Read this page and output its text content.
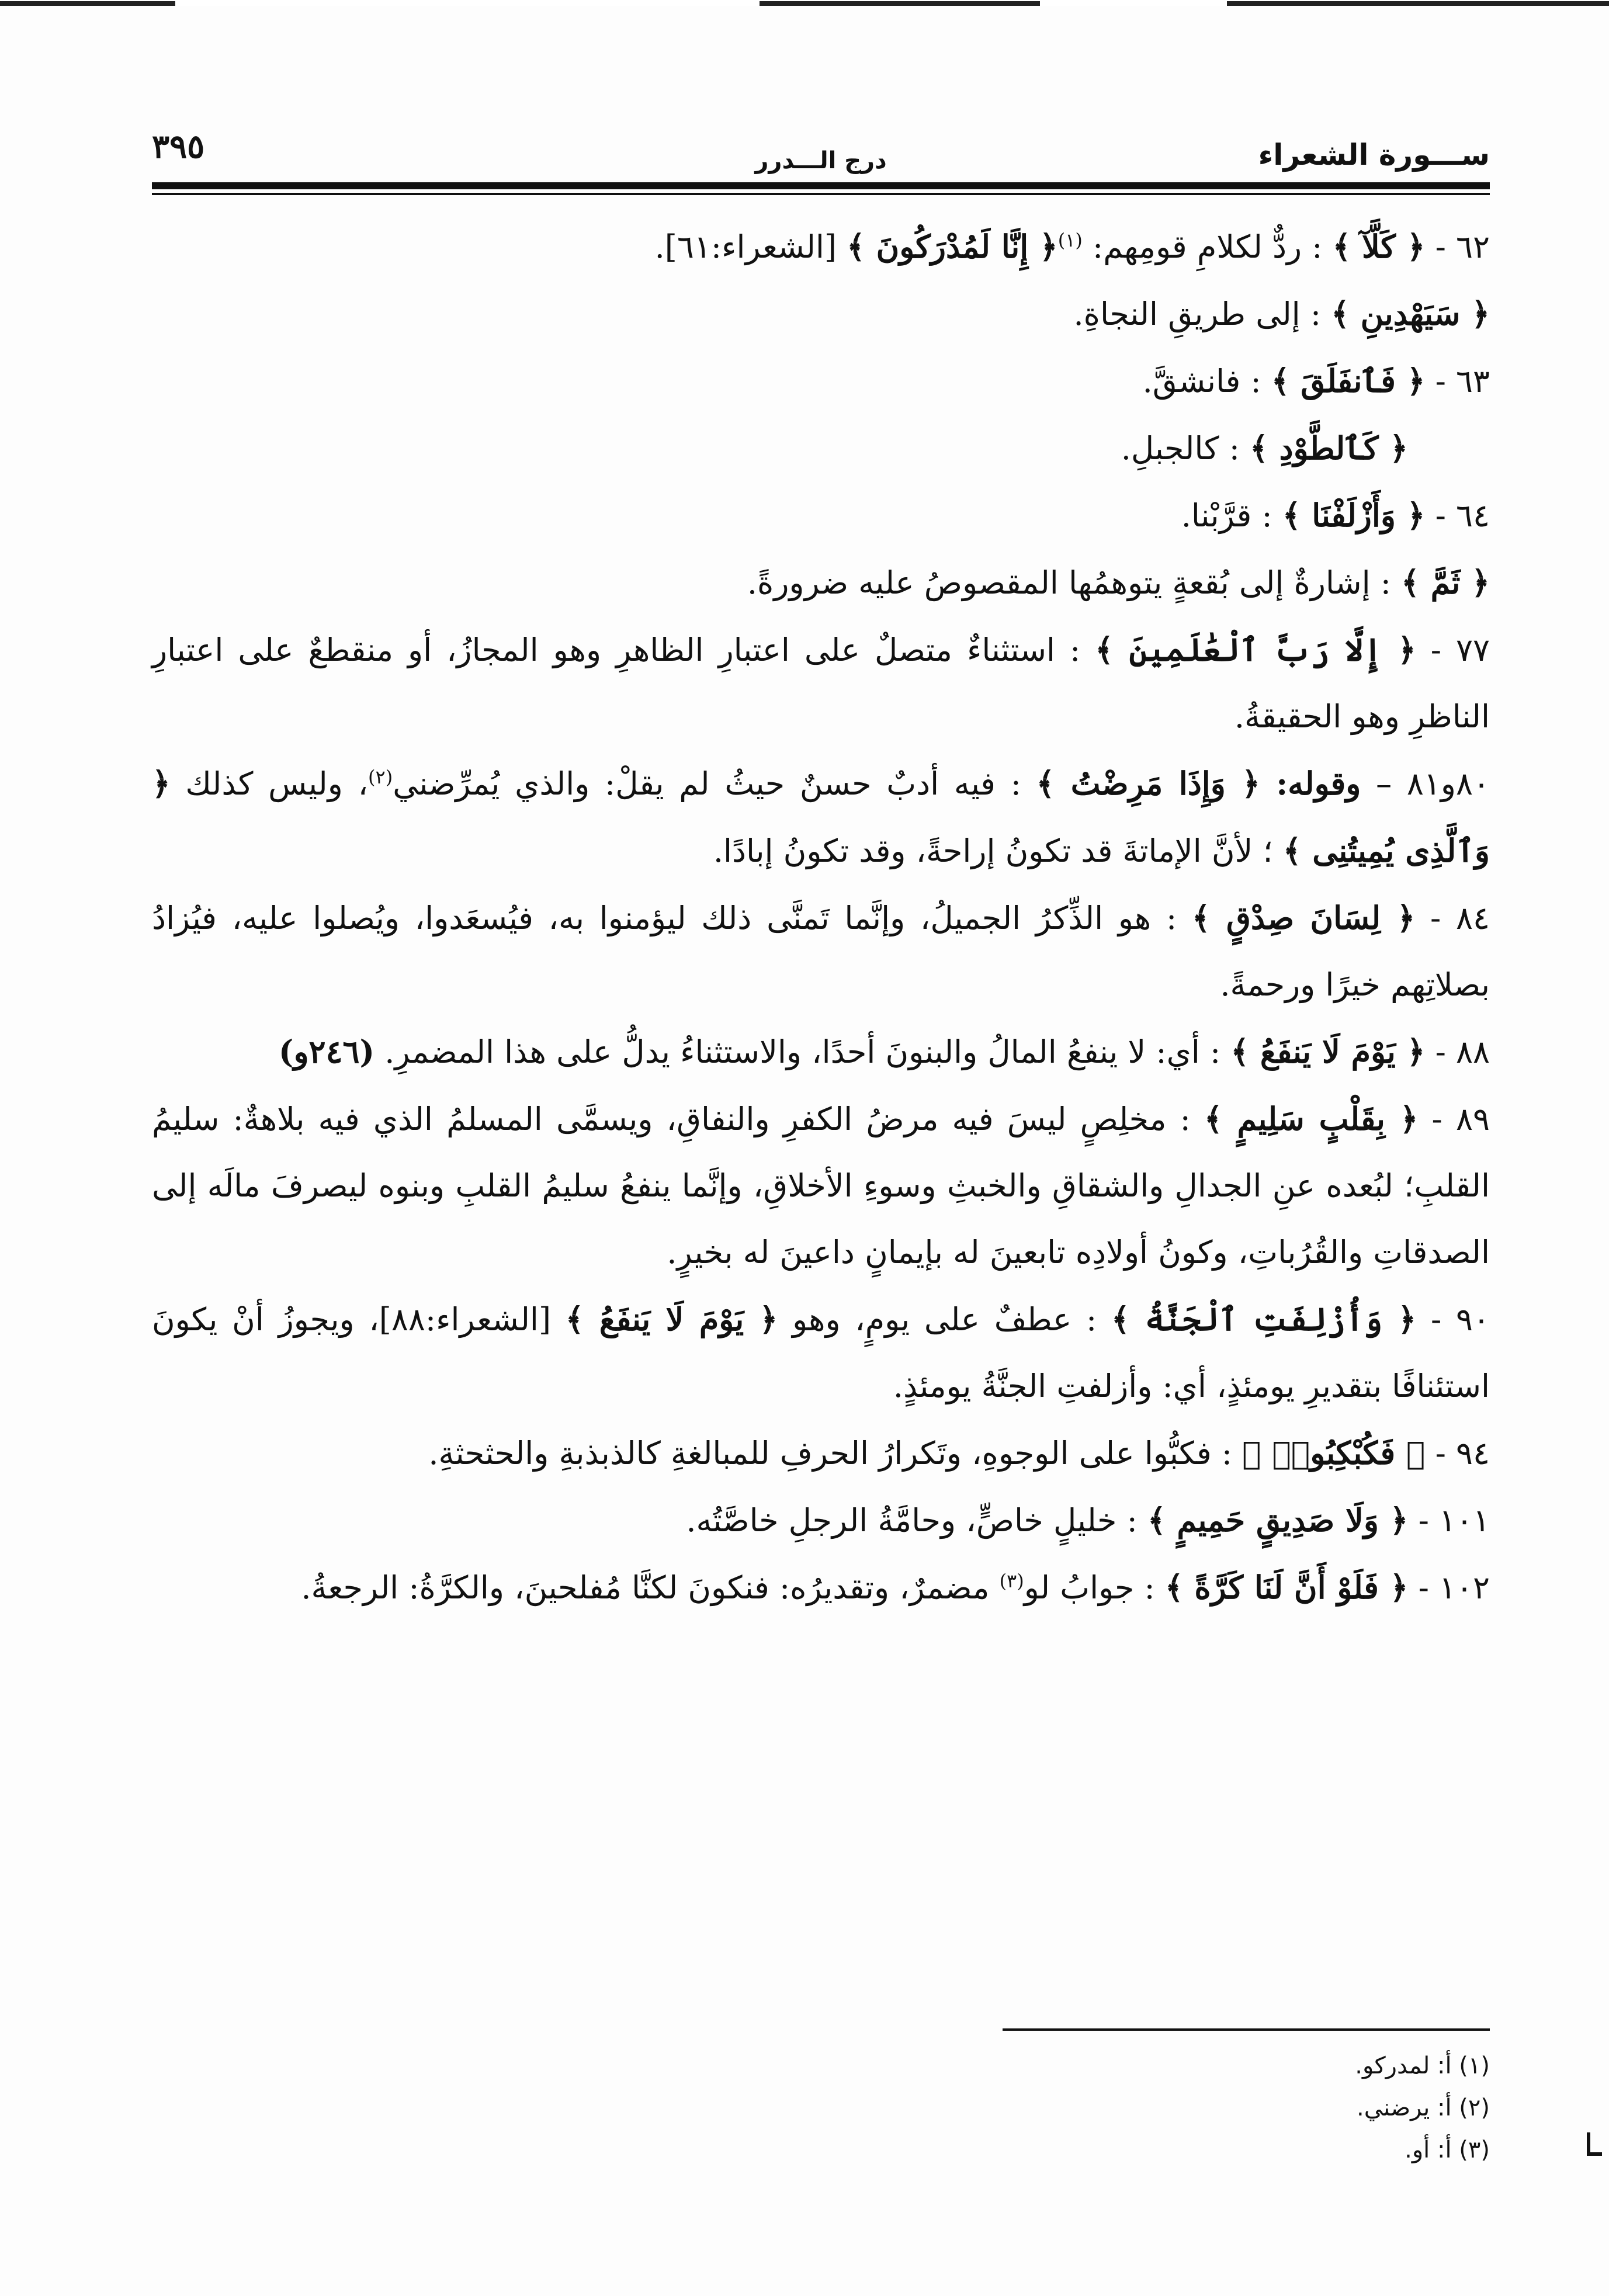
٣٩٥	درج الـــدرر	ســـورة الشعراء

٦٢ - ﴿ كَلَّآ ﴾ : ردٌّ لكلامِ قومِهم: $^{(١)}$﴿ إِنَّا لَمُدْرَكُونَ ﴾ [الشعراء:٦١].

﴿ سَيَهْدِينِ ﴾ : إلى طريقِ النجاةِ.

٦٣ - ﴿ فَٱنفَلَقَ ﴾ : فانشقَّ.

﴿ كَٱلطَّوْدِ ﴾ : كالجبلِ.

٦٤ - ﴿ وَأَزْلَفْنَا ﴾ : قرَّبْنا.

﴿ ثَمَّ ﴾ : إشارةٌ إلى بُقعةٍ يتوهمُها المقصوصُ عليه ضرورةً.

٧٧ - ﴿ إِلَّا رَبَّ ٱلْعَٰلَمِينَ ﴾ : استثناءٌ متصلٌ على اعتبارِ الظاهرِ وهو المجازُ، أو منقطعٌ على اعتبارِ الناظرِ وهو الحقيقةُ.

٨٠و٨١ – وقوله: ﴿ وَإِذَا مَرِضْتُ ﴾ : فيه أدبٌ حسنٌ حيثُ لم يقلْ: والذي يُمرِّضني$^{(٢)}$، وليس كذلك ﴿ وَٱلَّذِى يُمِيتُنِى ﴾ ؛ لأنَّ الإماتةَ قد تكونُ إراحةً، وقد تكونُ إبادًا.

٨٤ - ﴿ لِسَانَ صِدْقٍ ﴾ : هو الذِّكرُ الجميلُ، وإنَّما تَمنَّى ذلك ليؤمنوا به، فيُسعَدوا، ويُصلوا عليه، فيُزادُ بصلاتِهم خيرًا ورحمةً.

٨٨ - ﴿ يَوْمَ لَا يَنفَعُ ﴾ : أي: لا ينفعُ المالُ والبنونَ أحدًا، والاستثناءُ يدلُّ على هذا المضمرِ. (٢٤٦و)

٨٩ - ﴿ بِقَلْبٍ سَلِيمٍ ﴾ : مخلِصٍ ليسَ فيه مرضُ الكفرِ والنفاقِ، ويسمَّى المسلمُ الذي فيه بلاهةٌ: سليمُ القلبِ؛ لبُعده عنِ الجدالِ والشقاقِ والخبثِ وسوءِ الأخلاقِ، وإنَّما ينفعُ سليمُ القلبِ وبنوه ليصرفَ مالَه إلى الصدقاتِ والقُرُباتِ، وكونُ أولادِه تابعينَ له بإيمانٍ داعينَ له بخيرٍ.

٩٠ - ﴿ وَأُزْلِفَتِ ٱلْجَنَّةُ ﴾ : عطفٌ على يومٍ، وهو ﴿ يَوْمَ لَا يَنفَعُ ﴾ [الشعراء:٨٨]، ويجوزُ أنْ يكونَ استئنافًا بتقديرِ يومئذٍ، أي: وأزلفتِ الجنَّةُ يومئذٍ.

٩٤ - ﴿ فَكُبْكِبُوا۟ ﴾ : فكبُّوا على الوجوهِ، وتَكرارُ الحرفِ للمبالغةِ كالذبذبةِ والحثحثةِ.

١٠١ - ﴿ وَلَا صَدِيقٍ حَمِيمٍ ﴾ : خليلٍ خاصٍّ، وحامَّةُ الرجلِ خاصَّتُه.

١٠٢ - ﴿ فَلَوْ أَنَّ لَنَا كَرَّةً ﴾ : جوابُ لو$^{(٣)}$ مضمرٌ، وتقديرُه: فنكونَ لكنَّا مُفلحينَ، والكرَّةُ: الرجعةُ.

(١) أ: لمدركو.
(٢) أ: يرضني.
(٣) أ: أو.
